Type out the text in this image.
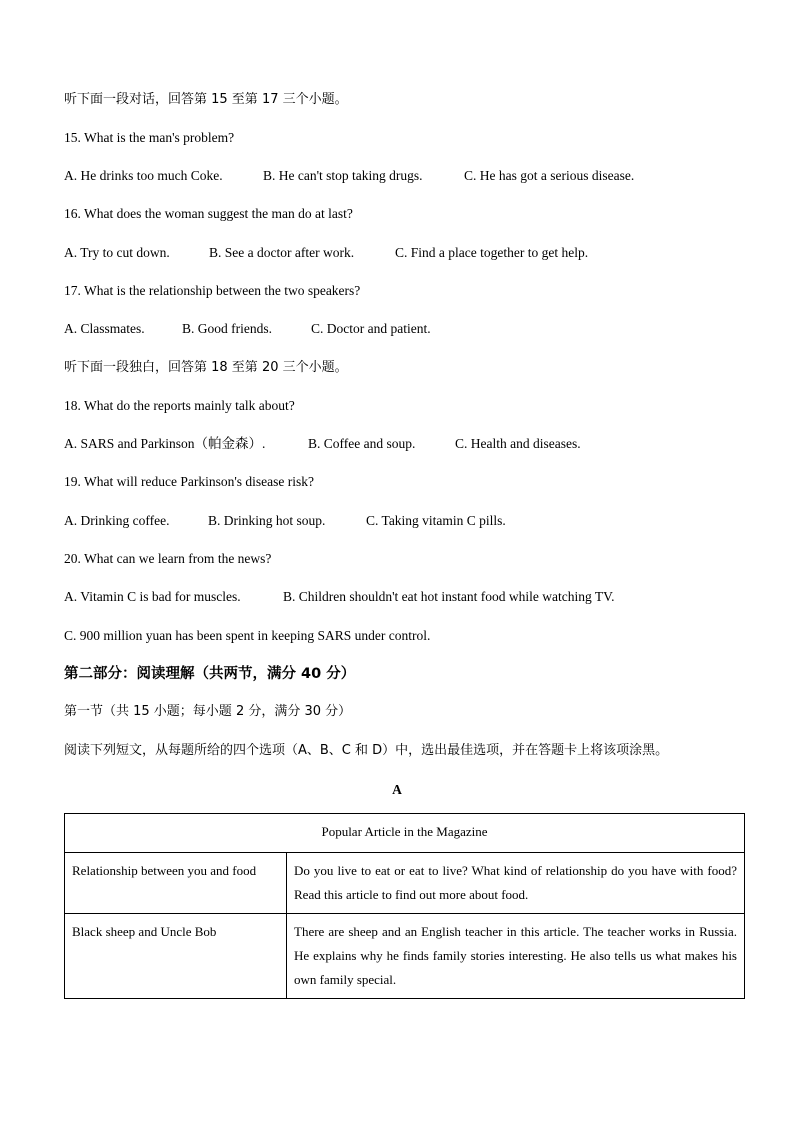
听下面一段对话，回答第 15 至第 17 三个小题。
15. What is the man's problem?
A. He drinks too much Coke.	B. He can't stop taking drugs.	C. He has got a serious disease.
16. What does the woman suggest the man do at last?
A. Try to cut down.	B. See a doctor after work.	C. Find a place together to get help.
17. What is the relationship between the two speakers?
A. Classmates.	B. Good friends.	C. Doctor and patient.
听下面一段独白，回答第 18 至第 20 三个小题。
18. What do the reports mainly talk about?
A. SARS and Parkinson（帕金森）.	B. Coffee and soup.	C. Health and diseases.
19. What will reduce Parkinson's disease risk?
A. Drinking coffee.	B. Drinking hot soup.	C. Taking vitamin C pills.
20. What can we learn from the news?
A. Vitamin C is bad for muscles.	B. Children shouldn't eat hot instant food while watching TV.
C. 900 million yuan has been spent in keeping SARS under control.
第二部分：阅读理解（共两节，满分 40 分）
第一节（共 15 小题；每小题 2 分，满分 30 分）
阅读下列短文，从每题所给的四个选项（A、B、C 和 D）中，选出最佳选项，并在答题卡上将该项涂黑。
A
Popular Article in the Magazine	
Relationship between you and food	Do you live to eat or eat to live? What kind of relationship do you have with food? Read this article to find out more about food.
Black sheep and Uncle Bob	There are sheep and an English teacher in this article. The teacher works in Russia. He explains why he finds family stories interesting. He also tells us what makes his own family special.
